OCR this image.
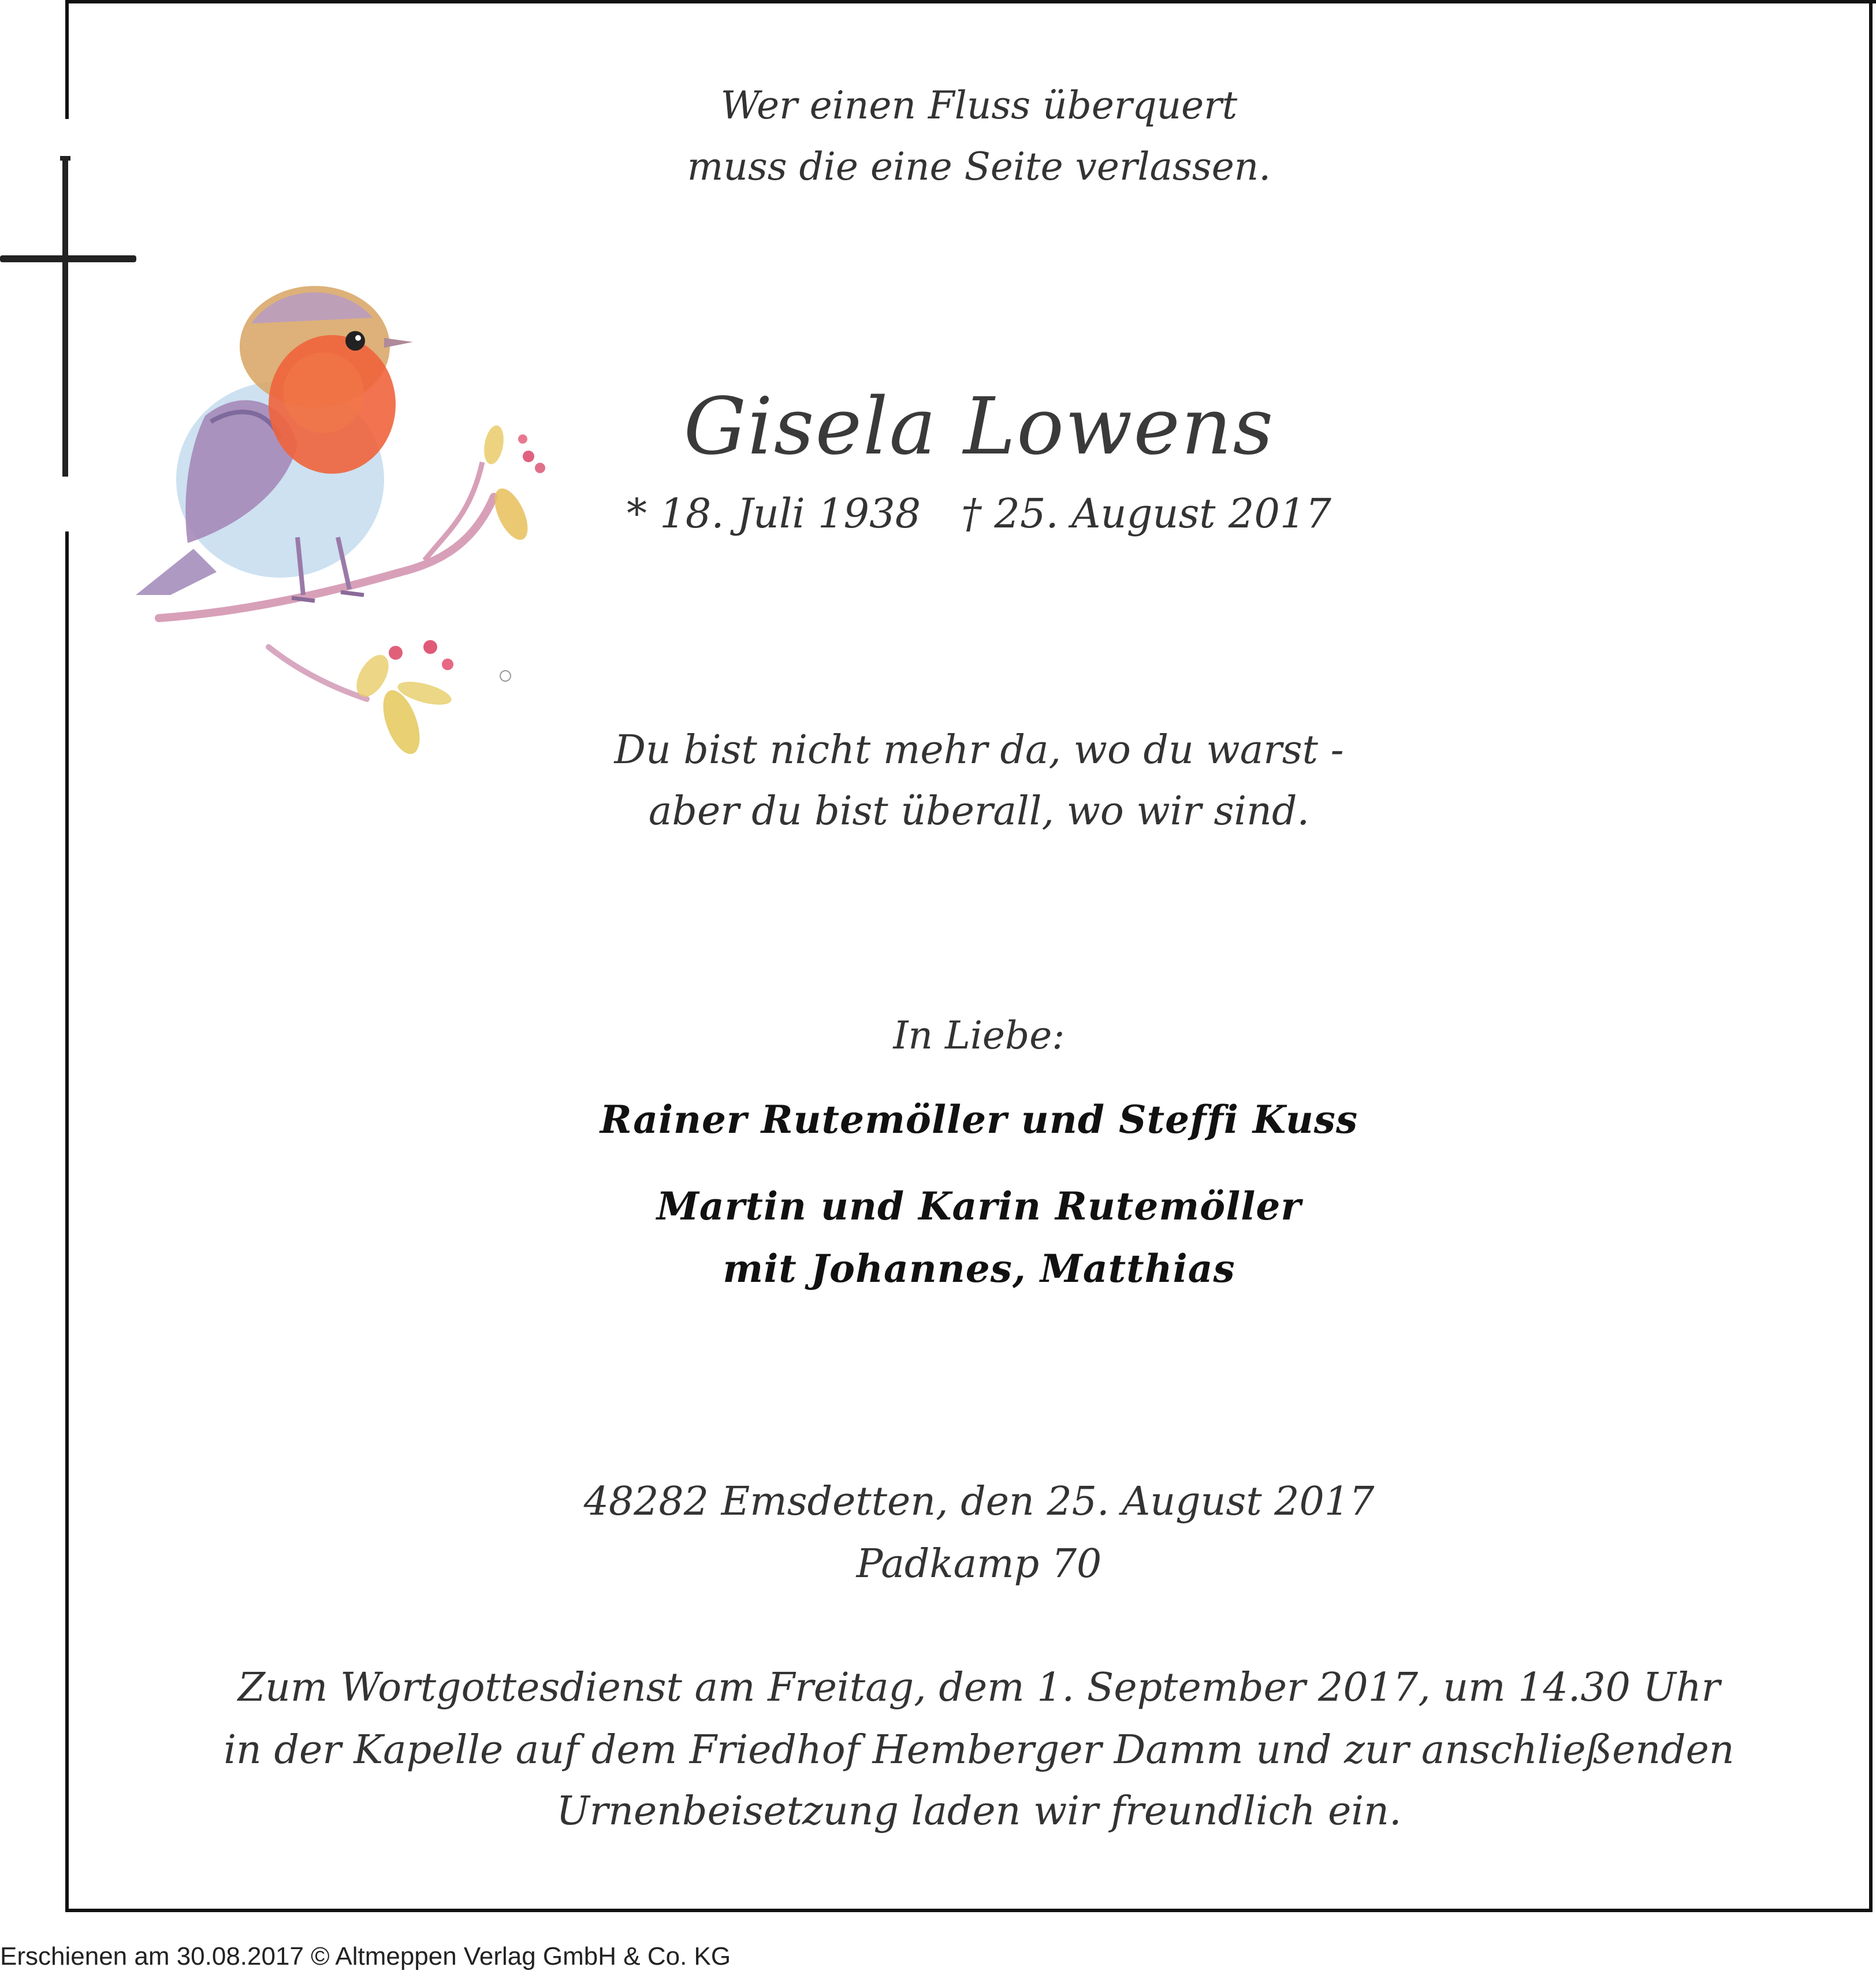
Wer einen Fluss überquert
muss die eine Seite verlassen.
Gisela Lowens
* 18. Juli 1938 † 25. August 2017
Du bist nicht mehr da, wo du warst -
aber du bist überall, wo wir sind.
In Liebe:
Rainer Rutemöller und Steffi Kuss
Martin und Karin Rutemöller
mit Johannes, Matthias
48282 Emsdetten, den 25. August 2017
Padkamp 70
Zum Wortgottesdienst am Freitag, dem 1. September 2017, um 14.30 Uhr
in der Kapelle auf dem Friedhof Hemberger Damm und zur anschließenden
Urnenbeisetzung laden wir freundlich ein.
Erschienen am 30.08.2017 © Altmeppen Verlag GmbH & Co. KG
